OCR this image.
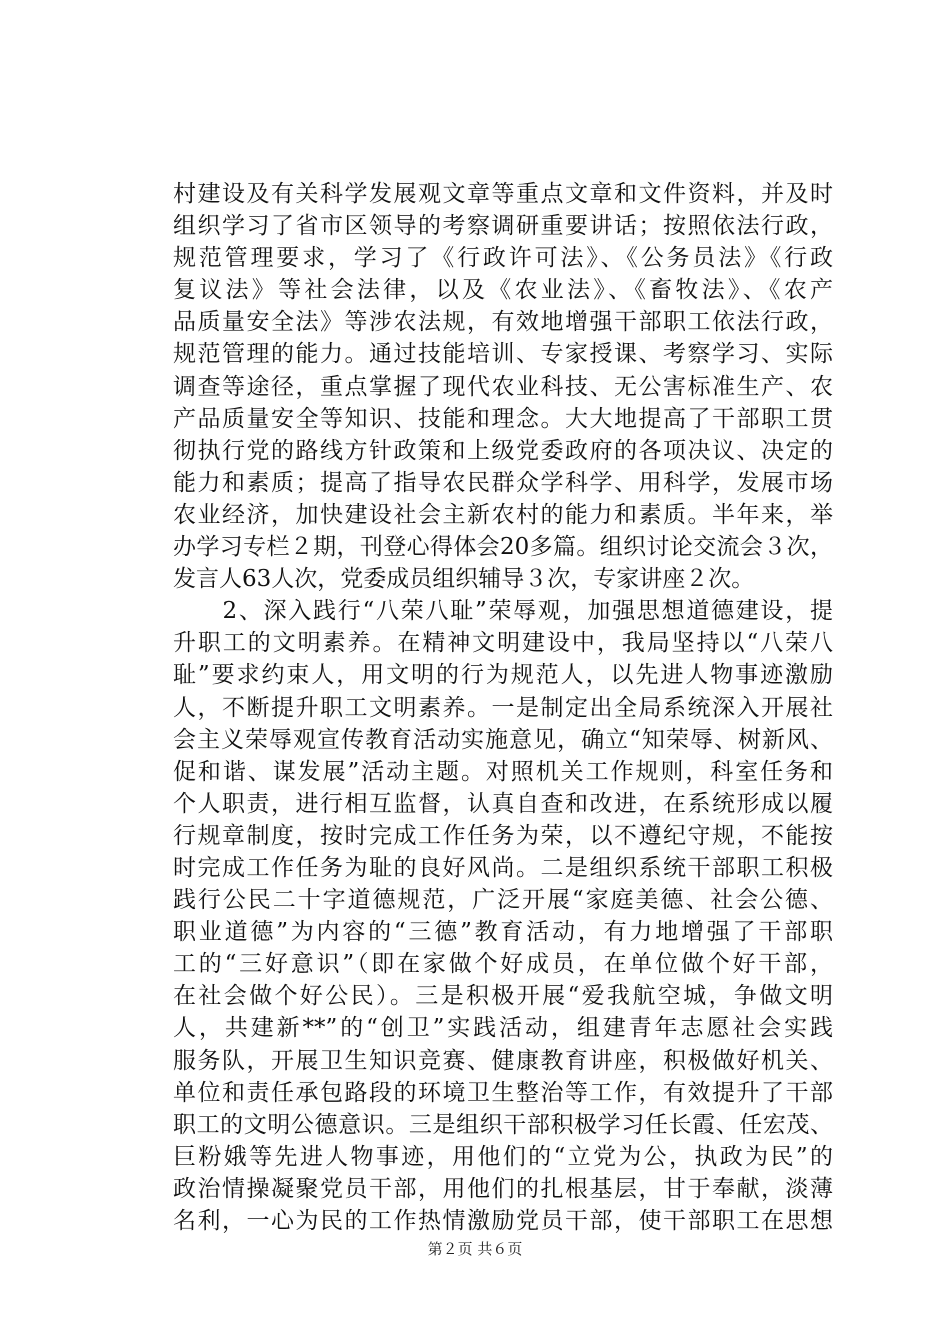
村建设及有关科学发展观文章等重点文章和文件资料，并及时
组织学习了省市区领导的考察调研重要讲话；按照依法行政，
规范管理要求，学习了《行政许可法》、《公务员法》《行政
复议法》等社会法律，以及《农业法》、《畜牧法》、《农产
品质量安全法》等涉农法规，有效地增强干部职工依法行政，
规范管理的能力。通过技能培训、专家授课、考察学习、实际
调查等途径，重点掌握了现代农业科技、无公害标准生产、农
产品质量安全等知识、技能和理念。大大地提高了干部职工贯
彻执行党的路线方针政策和上级党委政府的各项决议、决定的
能力和素质；提高了指导农民群众学科学、用科学，发展市场
农业经济，加快建设社会主新农村的能力和素质。半年来，举
办学习专栏２期，刊登心得体会20多篇。组织讨论交流会３次，
发言人63人次，党委成员组织辅导３次，专家讲座２次。
　　2、深入践行“八荣八耻”荣辱观，加强思想道德建设，提
升职工的文明素养。在精神文明建设中，我局坚持以“八荣八
耻”要求约束人，用文明的行为规范人，以先进人物事迹激励
人，不断提升职工文明素养。一是制定出全局系统深入开展社
会主义荣辱观宣传教育活动实施意见，确立“知荣辱、树新风、
促和谐、谋发展”活动主题。对照机关工作规则，科室任务和
个人职责，进行相互监督，认真自查和改进，在系统形成以履
行规章制度，按时完成工作任务为荣，以不遵纪守规，不能按
时完成工作任务为耻的良好风尚。二是组织系统干部职工积极
践行公民二十字道德规范，广泛开展“家庭美德、社会公德、
职业道德”为内容的“三德”教育活动，有力地增强了干部职
工的“三好意识”（即在家做个好成员，在单位做个好干部，
在社会做个好公民）。三是积极开展“爱我航空城，争做文明
人，共建新**”的“创卫”实践活动，组建青年志愿社会实践
服务队，开展卫生知识竞赛、健康教育讲座，积极做好机关、
单位和责任承包路段的环境卫生整治等工作，有效提升了干部
职工的文明公德意识。三是组织干部积极学习任长霞、任宏茂、
巨粉娥等先进人物事迹，用他们的“立党为公，执政为民”的
政治情操凝聚党员干部，用他们的扎根基层，甘于奉献，淡薄
名利，一心为民的工作热情激励党员干部，使干部职工在思想
第２页 共６页
